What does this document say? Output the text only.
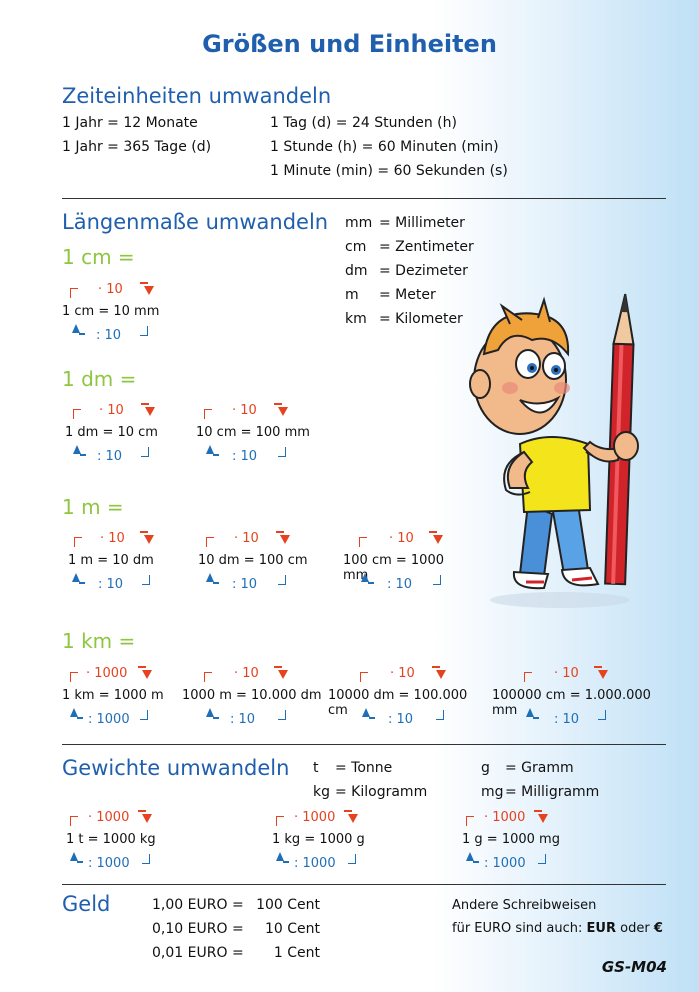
Größen und Einheiten
Zeiteinheiten umwandeln
1 Jahr = 12 Monate
1 Jahr = 365 Tage (d)
1 Tag (d) = 24 Stunden (h)
1 Stunde (h) = 60 Minuten (min)
1 Minute (min) = 60 Sekunden (s)
Längenmaße umwandeln mm = Millimeter
cm = Zentimeter
dm = Dezimeter
m = Meter
km = Kilometer
1 cm =
· 10
1 cm = 10 mm
: 10
1 dm =
· 10
1 dm = 10 cm
: 10
· 10
10 cm = 100 mm
: 10
1 m =
· 10
1 m = 10 dm
: 10
· 10
10 dm = 100 cm
: 10
· 10
100 cm = 1000 mm
: 10
1 km =
· 1000
1 km = 1000 m
: 1000
· 10
1000 m = 10.000 dm
: 10
· 10
10000 dm = 100.000 cm
: 10
· 10
100000 cm = 1.000.000 mm
: 10
Gewichte umwandeln t = Tonne
kg = Kilogramm
g = Gramm
mg= Milligramm
· 1000
1 t = 1000 kg
: 1000
· 1000
1 kg = 1000 g
: 1000
· 1000
1 g = 1000 mg
: 1000
Geld	1,00 EURO = 100 Cent
0,10 EURO = 10 Cent
0,01 EURO = 1 Cent
Andere Schreibweisen
für EURO sind auch: EUR oder €
GS-M04
